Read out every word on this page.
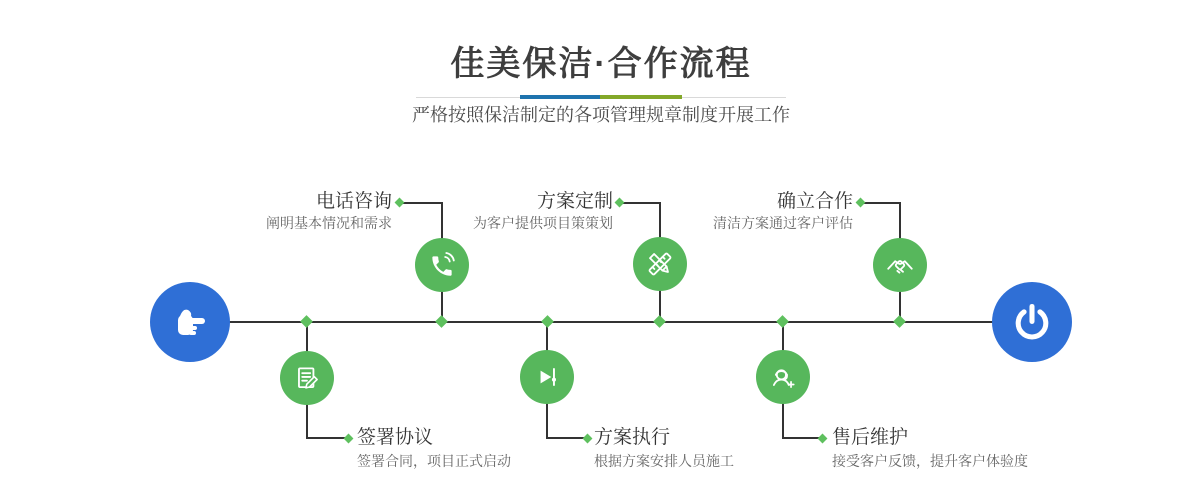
佳美保洁·合作流程
严格按照保洁制定的各项管理规章制度开展工作
电话咨询
阐明基本情况和需求
方案定制
为客户提供项目策策划
确立合作
清洁方案通过客户评估
签署协议
签署合同，项目正式启动
方案执行
根据方案安排人员施工
售后维护
接受客户反馈，提升客户体验度
